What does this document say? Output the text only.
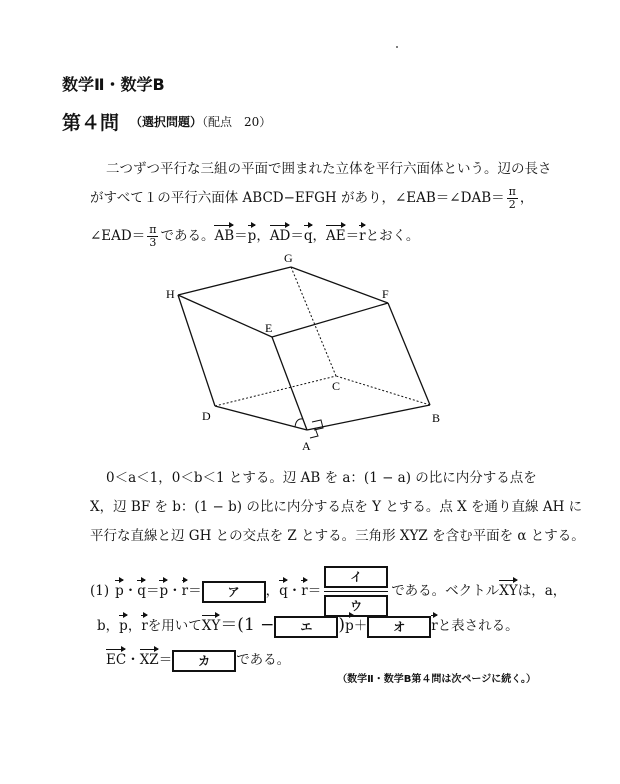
数学Ⅱ・数学B
第４問 （選択問題）（配点　20）
二つずつ平行な三組の平面で囲まれた立体を平行六面体という。辺の長さ
がすべて１の平行六面体 ABCD−EFGH があり，∠EAB＝∠DAB＝ $\frac{\pi}{2}$ ，
∠EAD＝ $\frac{\pi}{3}$ である。AB＝p，AD＝q，AE＝rとおく。
A
B
C
D
E
F
G
H
0＜a＜1，0＜b＜1 とする。辺 AB を a：(1 − a) の比に内分する点を
X，辺 BF を b：(1 − b) の比に内分する点を Y とする。点 X を通り直線 AH に
平行な直線と辺 GH との交点を Z とする。三角形 XYZ を含む平面を α とする。
(1) p・q＝p・r＝ ア ，q・r＝
イ
ウ
である。ベクトルXYは，a，
b，p，rを用いてXY＝(1 − エ )p＋ オ rと表される。
EC・XZ＝ カ である。
（数学Ⅱ・数学B第４問は次ページに続く。）
